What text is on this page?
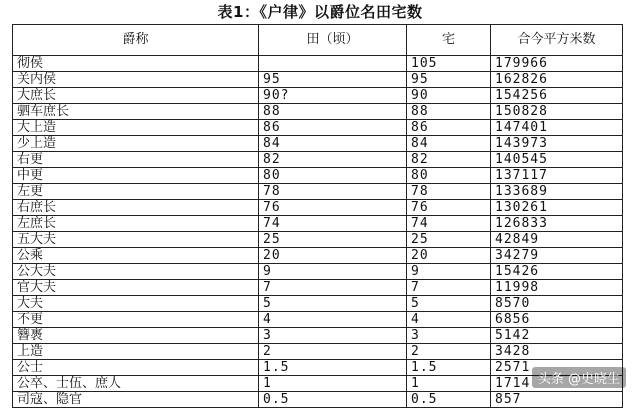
表1：《户律》以爵位名田宅数
爵称	田（顷）	宅	合今平方米数
彻侯		105	179966
关内侯	95	95	162826
大庶长	90?	90	154256
驷车庶长	88	88	150828
大上造	86	86	147401
少上造	84	84	143973
右更	82	82	140545
中更	80	80	137117
左更	78	78	133689
右庶长	76	76	130261
左庶长	74	74	126833
五大夫	25	25	42849
公乘	20	20	34279
公大夫	9	9	15426
官大夫	7	7	11998
大夫	5	5	8570
不更	4	4	6856
簪褭	3	3	5142
上造	2	2	3428
公士	1.5	1.5	2571
公卒、士伍、庶人	1	1	1714
司寇、隐官	0.5	0.5	857
头条 @史晓生
